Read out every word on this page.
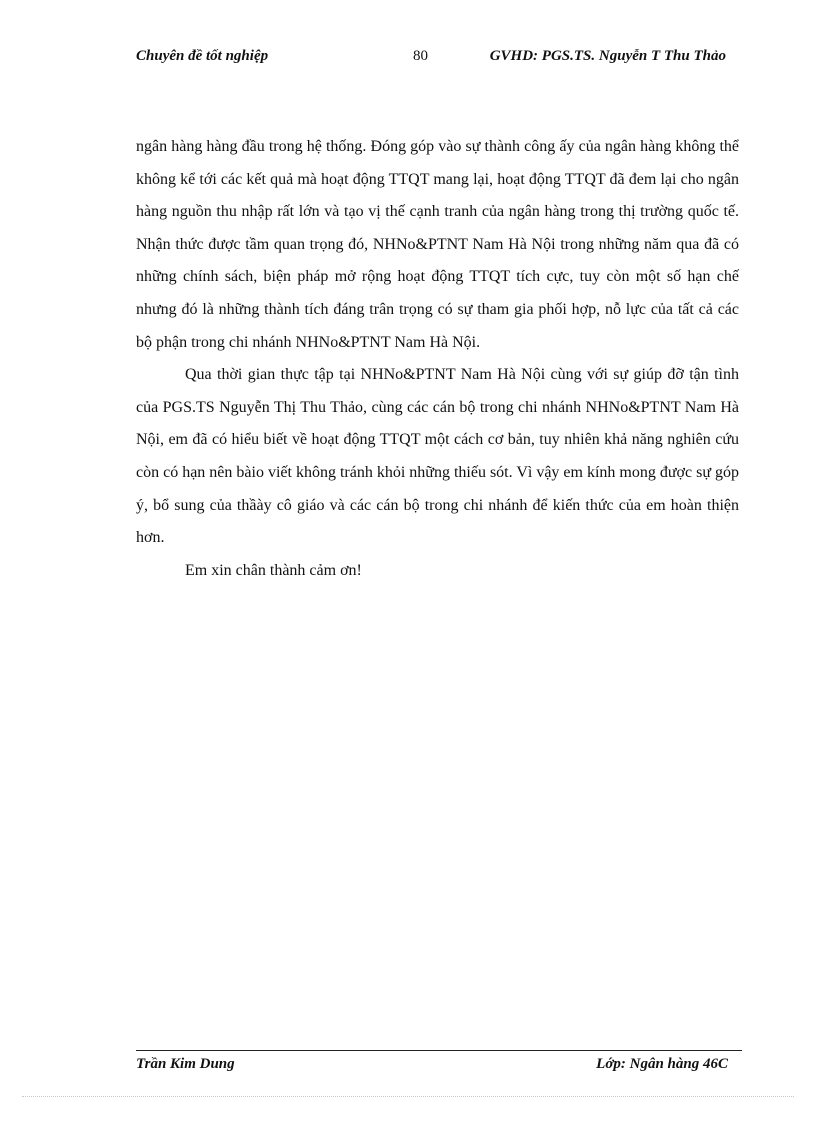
Chuyên đề tốt nghiệp	80	GVHD: PGS.TS. Nguyễn T Thu Thảo

ngân hàng hàng đầu trong hệ thống. Đóng góp vào sự thành công ấy của ngân hàng không thể không kể tới các kết quả mà hoạt động TTQT mang lại, hoạt động TTQT đã đem lại cho ngân hàng nguồn thu nhập rất lớn và tạo vị thế cạnh tranh của ngân hàng trong thị trường quốc tế. Nhận thức được tầm quan trọng đó, NHNo&PTNT Nam Hà Nội trong những năm qua đã có những chính sách, biện pháp mở rộng hoạt động TTQT tích cực, tuy còn một số hạn chế nhưng đó là những thành tích đáng trân trọng có sự tham gia phối hợp, nỗ lực của tất cả các bộ phận trong chi nhánh NHNo&PTNT Nam Hà Nội.

Qua thời gian thực tập tại NHNo&PTNT Nam Hà Nội cùng với sự giúp đỡ tận tình của PGS.TS Nguyễn Thị Thu Thảo, cùng các cán bộ trong chi nhánh NHNo&PTNT Nam Hà Nội, em đã có hiểu biết về hoạt động TTQT một cách cơ bản, tuy nhiên khả năng nghiên cứu còn có hạn nên bàio viết không tránh khỏi những thiếu sót. Vì vậy em kính mong được sự góp ý, bổ sung của thầày cô giáo và các cán bộ trong chi nhánh để kiến thức của em hoàn thiện hơn.

Em xin chân thành cảm ơn!

Trần Kim Dung	Lớp: Ngân hàng 46C
